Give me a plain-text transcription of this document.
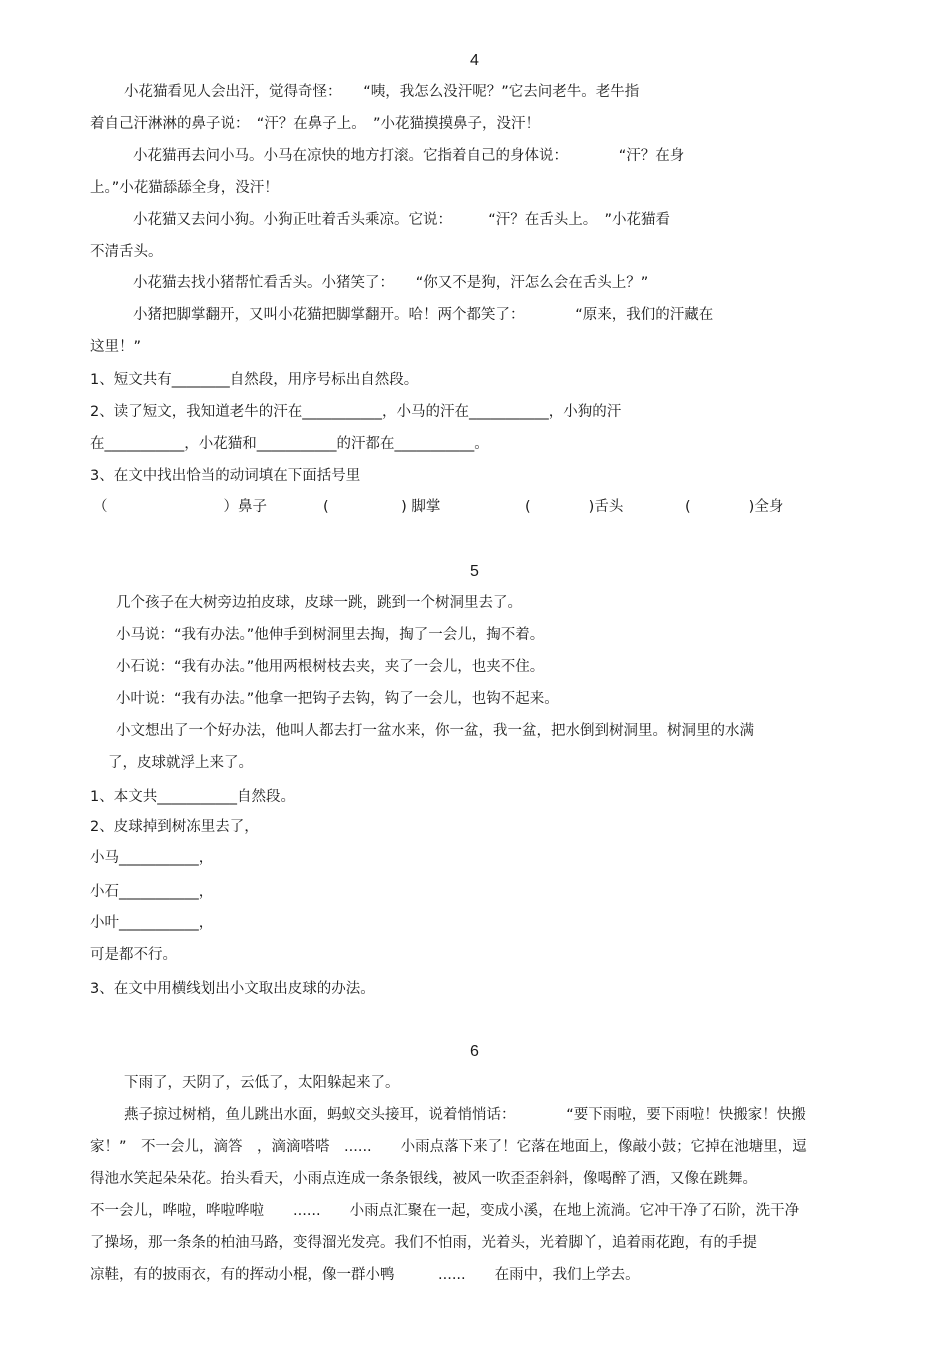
4
小花猫看见人会出汗，觉得奇怪：　　“咦，我怎么没汗呢？”它去问老牛。老牛指
着自己汗淋淋的鼻子说：　“汗？在鼻子上。　”小花猫摸摸鼻子，没汗！
小花猫再去问小马。小马在凉快的地方打滚。它指着自己的身体说：　　　　“汗？在身
上。”小花猫舔舔全身，没汗！
小花猫又去问小狗。小狗正吐着舌头乘凉。它说：　　　“汗？在舌头上。　”小花猫看
不清舌头。
小花猫去找小猪帮忙看舌头。小猪笑了：　　“你又不是狗，汗怎么会在舌头上？”
小猪把脚掌翻开，又叫小花猫把脚掌翻开。哈！两个都笑了：　　　　“原来，我们的汗藏在
这里！”
1、短文共有________自然段，用序号标出自然段。
2、读了短文，我知道老牛的汗在___________，小马的汗在___________，小狗的汗
在___________，小花猫和___________的汗都在___________。
3、在文中找出恰当的动词填在下面括号里
（　　　　　　　　）鼻子	(　　　　　) 脚掌	(　　　　)舌头	(　　　　)全身
5
几个孩子在大树旁边拍皮球，皮球一跳，跳到一个树洞里去了。
小马说：“我有办法。”他伸手到树洞里去掏，掏了一会儿，掏不着。
小石说：“我有办法。”他用两根树枝去夹，夹了一会儿，也夹不住。
小叶说：“我有办法。”他拿一把钩子去钩，钩了一会儿，也钩不起来。
小文想出了一个好办法，他叫人都去打一盆水来，你一盆，我一盆，把水倒到树洞里。树洞里的水满
了，皮球就浮上来了。
1、本文共___________自然段。
2、皮球掉到树冻里去了，
小马___________，
小石___________，
小叶___________，
可是都不行。
3、在文中用横线划出小文取出皮球的办法。
6
下雨了，天阴了，云低了，太阳躲起来了。
燕子掠过树梢，鱼儿跳出水面，蚂蚁交头接耳，说着悄悄话：　　　　“要下雨啦，要下雨啦！快搬家！快搬
家！”　不一会儿，滴答　，滴滴嗒嗒　......　　小雨点落下来了！它落在地面上，像敲小鼓；它掉在池塘里，逗
得池水笑起朵朵花。抬头看天，小雨点连成一条条银线，被风一吹歪歪斜斜，像喝醉了酒，又像在跳舞。
不一会儿，哗啦，哗啦哗啦　　......　　小雨点汇聚在一起，变成小溪，在地上流淌。它冲干净了石阶，洗干净
了操场，那一条条的柏油马路，变得溜光发亮。我们不怕雨，光着头，光着脚丫，追着雨花跑，有的手提
凉鞋，有的披雨衣，有的挥动小棍，像一群小鸭　　　......　　在雨中，我们上学去。
